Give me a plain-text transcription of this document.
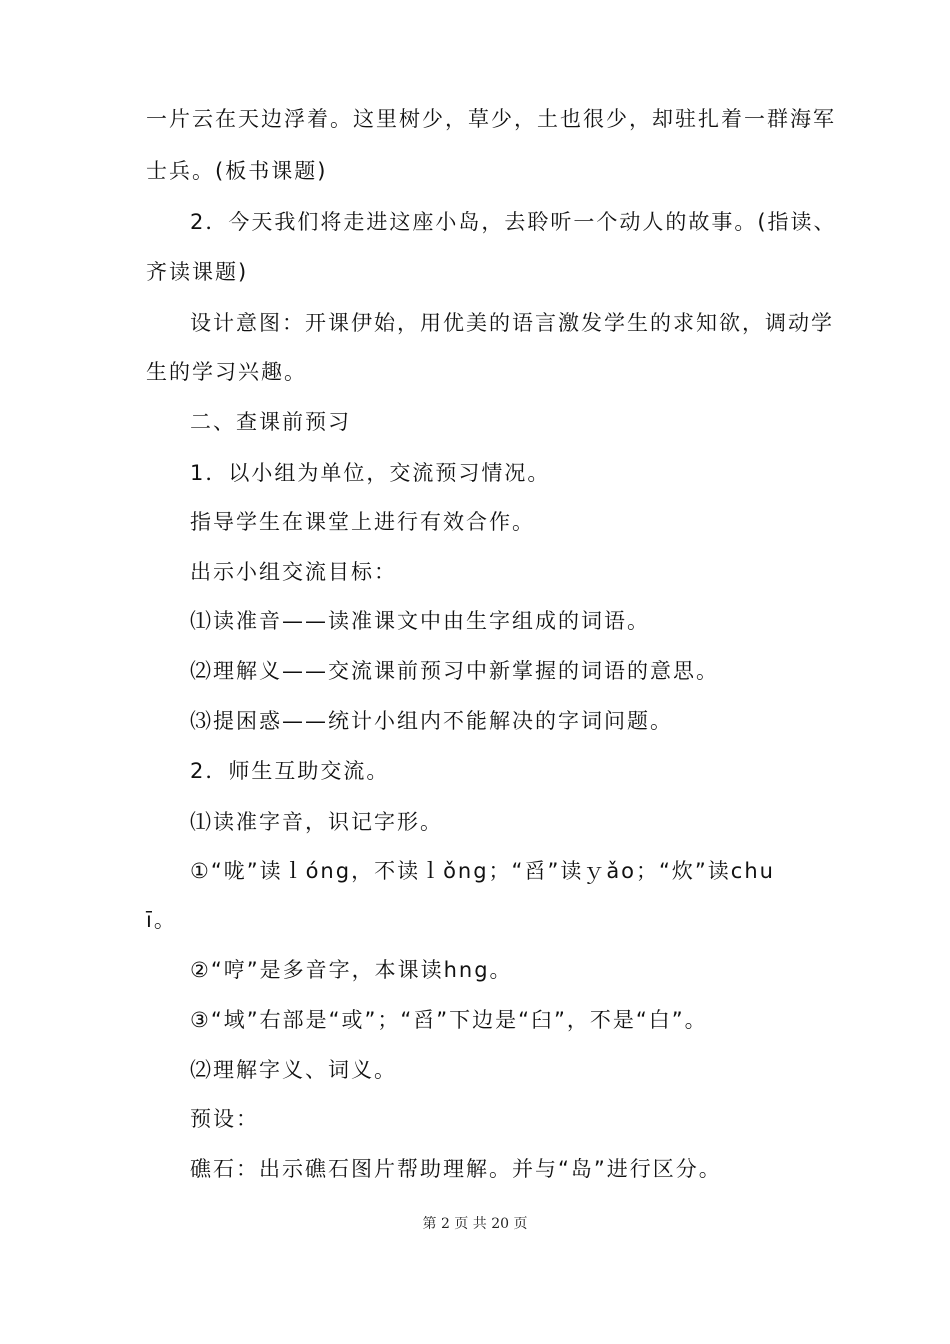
一片云在天边浮着。这里树少，草少，土也很少，却驻扎着一群海军
士兵。(板书课题)
2．今天我们将走进这座小岛，去聆听一个动人的故事。(指读、
齐读课题)
设计意图：开课伊始，用优美的语言激发学生的求知欲，调动学
生的学习兴趣。
二、查课前预习
1．以小组为单位，交流预习情况。
指导学生在课堂上进行有效合作。
出示小组交流目标：
⑴读准音——读准课文中由生字组成的词语。
⑵理解义——交流课前预习中新掌握的词语的意思。
⑶提困惑——统计小组内不能解决的字词问题。
2．师生互助交流。
⑴读准字音，识记字形。
①“咙”读ｌóng，不读ｌǒng；“舀”读ｙǎo；“炊”读chu
ī。
②“哼”是多音字，本课读hng。
③“域”右部是“或”；“舀”下边是“臼”，不是“白”。
⑵理解字义、词义。
预设：
礁石：出示礁石图片帮助理解。并与“岛”进行区分。
第 2 页 共 20 页
